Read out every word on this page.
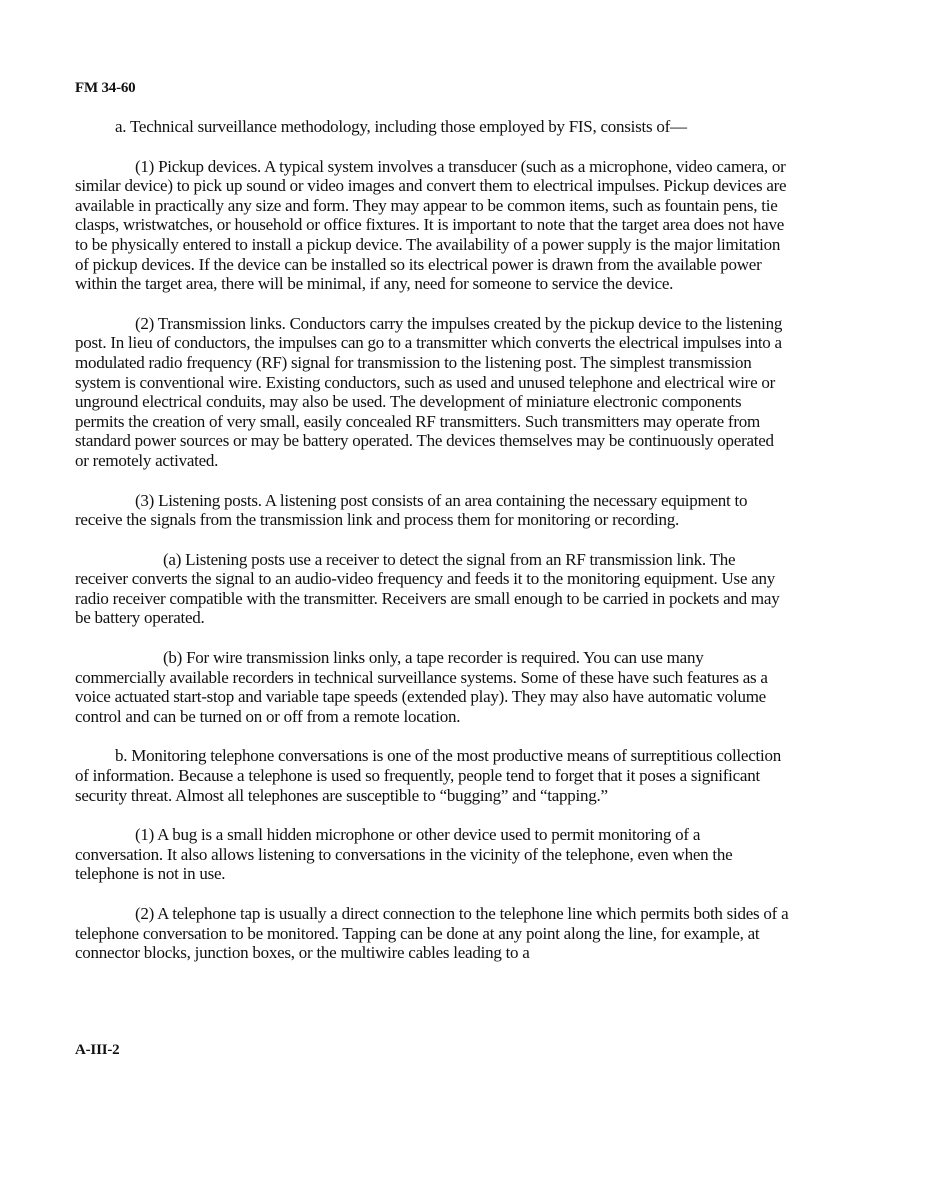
FM 34-60

a. Technical surveillance methodology, including those employed by FIS, consists of—

(1) Pickup devices. A typical system involves a transducer (such as a microphone, video camera, or similar device) to pick up sound or video images and convert them to electrical impulses. Pickup devices are available in practically any size and form. They may appear to be common items, such as fountain pens, tie clasps, wristwatches, or household or office fixtures. It is important to note that the target area does not have to be physically entered to install a pickup device. The availability of a power supply is the major limitation of pickup devices. If the device can be installed so its electrical power is drawn from the available power within the target area, there will be minimal, if any, need for someone to service the device.

(2) Transmission links. Conductors carry the impulses created by the pickup device to the listening post. In lieu of conductors, the impulses can go to a transmitter which converts the electrical impulses into a modulated radio frequency (RF) signal for transmission to the listening post. The simplest transmission system is conventional wire. Existing conductors, such as used and unused telephone and electrical wire or unground electrical conduits, may also be used. The development of miniature electronic components permits the creation of very small, easily concealed RF transmitters. Such transmitters may operate from standard power sources or may be battery operated. The devices themselves may be continuously operated or remotely activated.

(3) Listening posts. A listening post consists of an area containing the necessary equipment to receive the signals from the transmission link and process them for monitoring or recording.

(a) Listening posts use a receiver to detect the signal from an RF transmission link. The receiver converts the signal to an audio-video frequency and feeds it to the monitoring equipment. Use any radio receiver compatible with the transmitter. Receivers are small enough to be carried in pockets and may be battery operated.

(b) For wire transmission links only, a tape recorder is required. You can use many commercially available recorders in technical surveillance systems. Some of these have such features as a voice actuated start-stop and variable tape speeds (extended play). They may also have automatic volume control and can be turned on or off from a remote location.

b. Monitoring telephone conversations is one of the most productive means of surreptitious collection of information. Because a telephone is used so frequently, people tend to forget that it poses a significant security threat. Almost all telephones are susceptible to “bugging” and “tapping.”

(1) A bug is a small hidden microphone or other device used to permit monitoring of a conversation. It also allows listening to conversations in the vicinity of the telephone, even when the telephone is not in use.

(2) A telephone tap is usually a direct connection to the telephone line which permits both sides of a telephone conversation to be monitored. Tapping can be done at any point along the line, for example, at connector blocks, junction boxes, or the multiwire cables leading to a

A-III-2
